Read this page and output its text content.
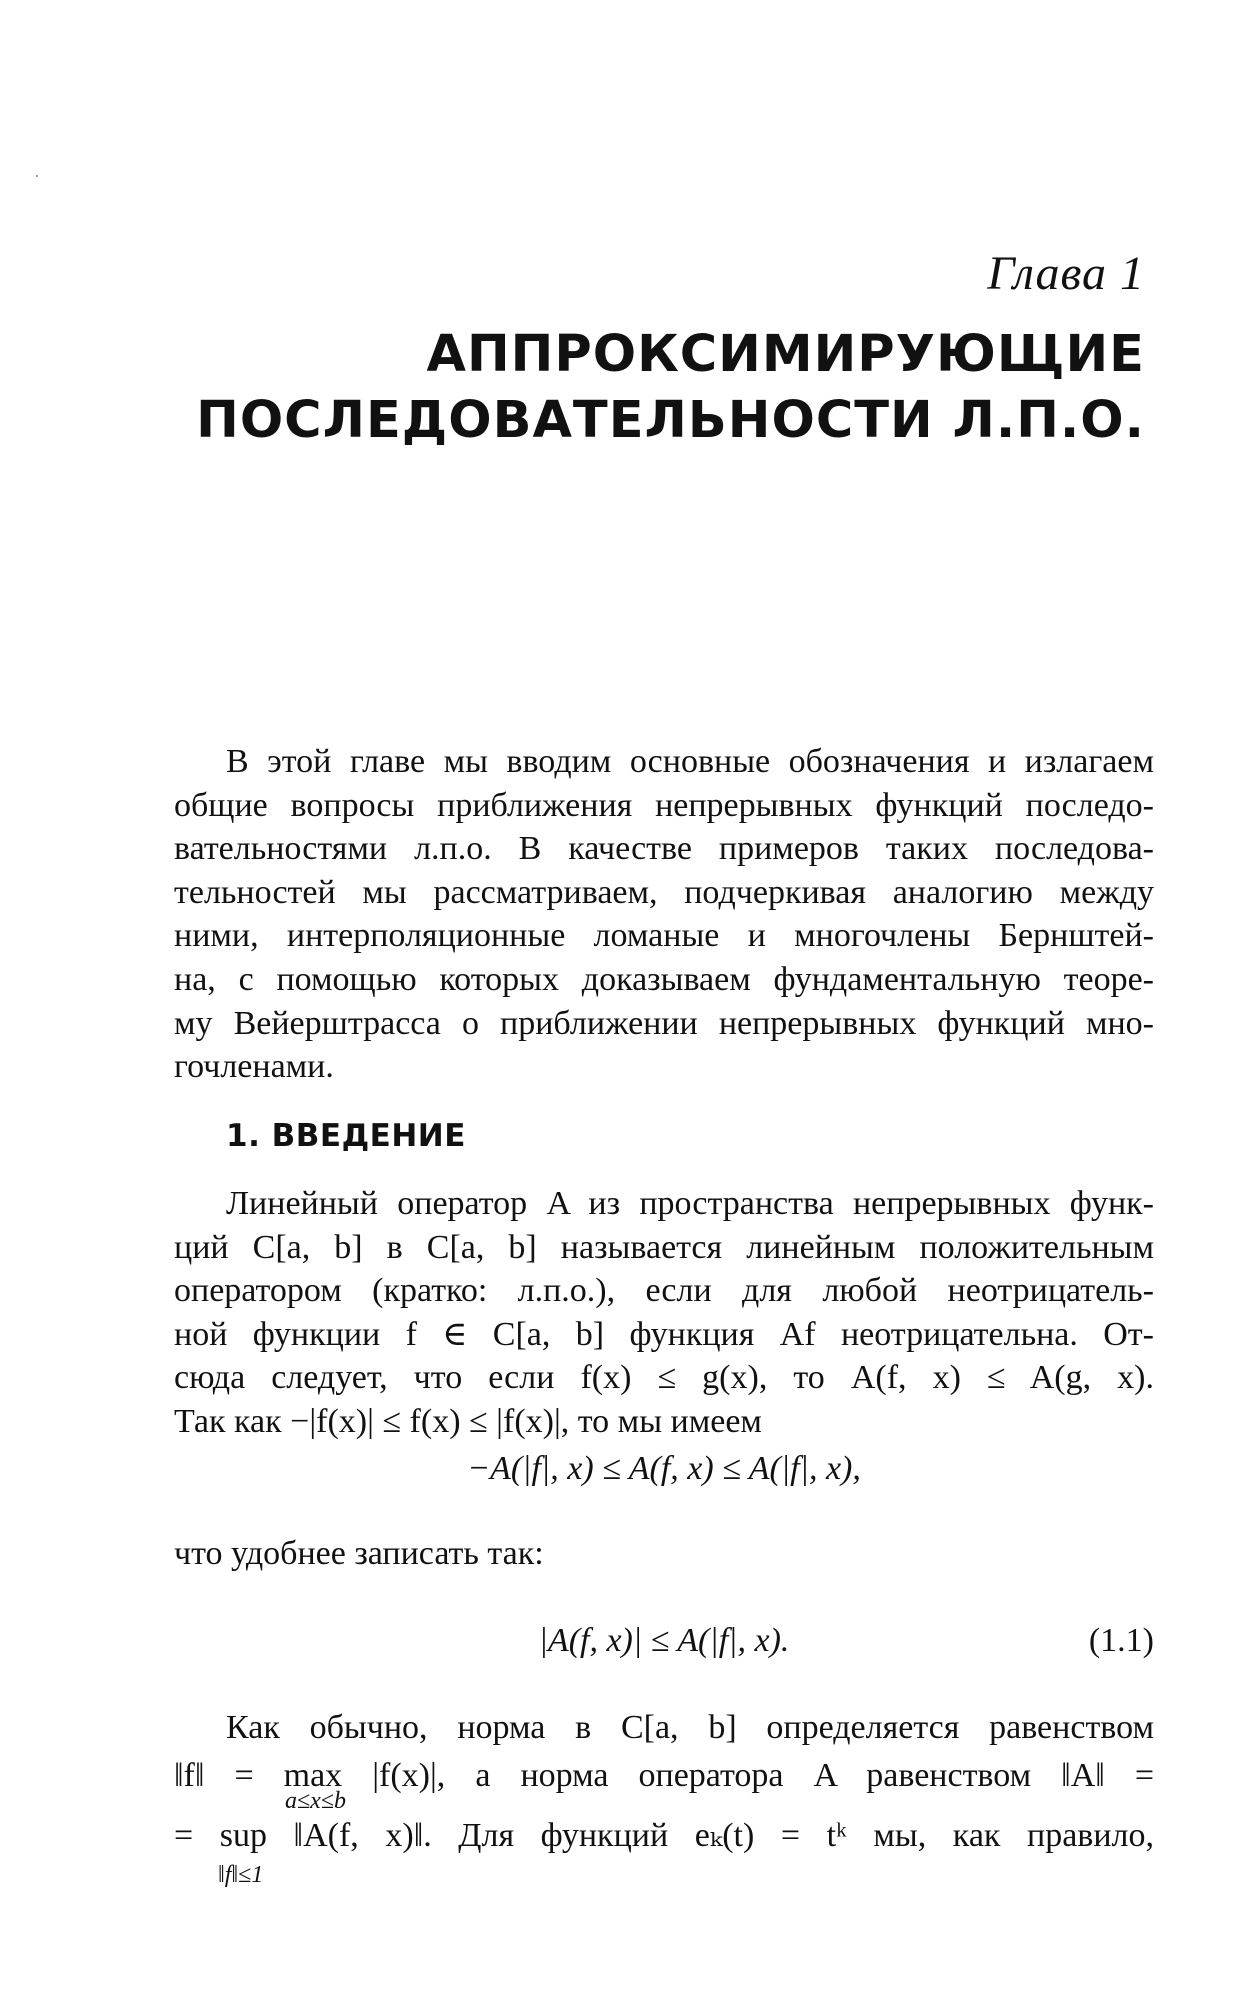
Глава 1
АППРОКСИМИРУЮЩИЕ
ПОСЛЕДОВАТЕЛЬНОСТИ Л.П.О.
В этой главе мы вводим основные обозначения и излагаем
общие вопросы приближения непрерывных функций последо-
вательностями л.п.о. В качестве примеров таких последова-
тельностей мы рассматриваем, подчеркивая аналогию между
ними, интерполяционные ломаные и многочлены Бернштей-
на, с помощью которых доказываем фундаментальную теоре-
му Вейерштрасса о приближении непрерывных функций мно-
гочленами.
1. ВВЕДЕНИЕ
Линейный оператор A из пространства непрерывных функ-
ций C[a, b] в C[a, b] называется линейным положительным
оператором (кратко: л.п.о.), если для любой неотрицатель-
ной функции f ∈ C[a, b] функция Af неотрицательна. От-
сюда следует, что если f(x) ≤ g(x), то A(f, x) ≤ A(g, x).
Так как −|f(x)| ≤ f(x) ≤ |f(x)|, то мы имеем
−A(|f|, x) ≤ A(f, x) ≤ A(|f|, x),
что удобнее записать так:
|A(f, x)| ≤ A(|f|, x).	(1.1)
Как обычно, норма в C[a, b] определяется равенством
‖f‖ = max |f(x)|, а норма оператора A равенством ‖A‖ =
= sup ‖A(f, x)‖. Для функций eₖ(t) = tᵏ мы, как правило,
a≤x≤b
‖f‖≤1
